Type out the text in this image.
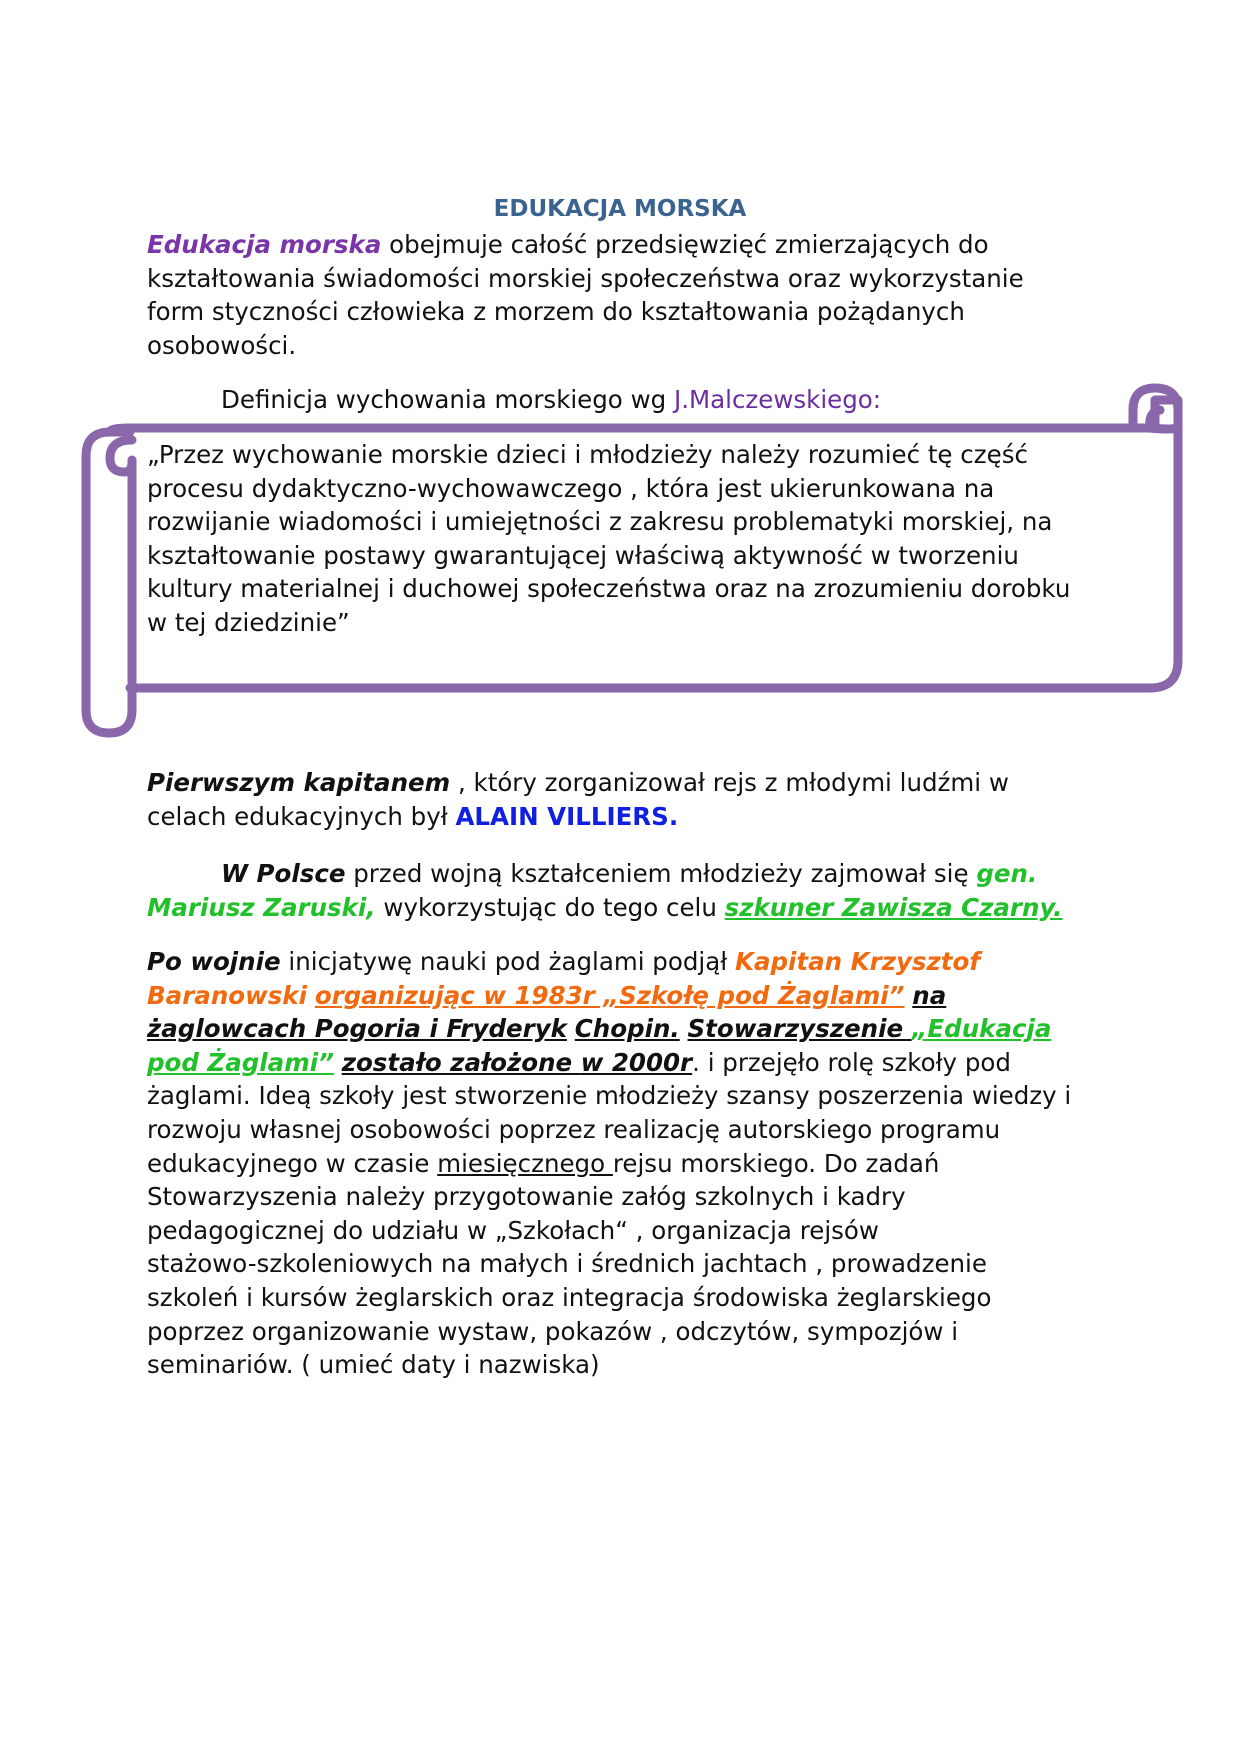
EDUKACJA MORSKA
Edukacja morska obejmuje całość przedsięwzięć zmierzających do
kształtowania świadomości morskiej społeczeństwa oraz wykorzystanie
form styczności człowieka z morzem do kształtowania pożądanych
osobowości.
Definicja wychowania morskiego wg J.Malczewskiego:
„Przez wychowanie morskie dzieci i młodzieży należy rozumieć tę część
procesu dydaktyczno-wychowawczego , która jest ukierunkowana na
rozwijanie wiadomości i umiejętności z zakresu problematyki morskiej, na
kształtowanie postawy gwarantującej właściwą aktywność w tworzeniu
kultury materialnej i duchowej społeczeństwa oraz na zrozumieniu dorobku
w tej dziedzinie”
Pierwszym kapitanem , który zorganizował rejs z młodymi ludźmi w
celach edukacyjnych był ALAIN VILLIERS.
W Polsce przed wojną kształceniem młodzieży zajmował się gen.
Mariusz Zaruski, wykorzystując do tego celu szkuner Zawisza Czarny.
Po wojnie inicjatywę nauki pod żaglami podjął Kapitan Krzysztof
Baranowski organizując w 1983r „Szkołę pod Żaglami” na
żaglowcach Pogoria i Fryderyk Chopin. Stowarzyszenie „Edukacja
pod Żaglami” zostało założone w 2000r. i przejęło rolę szkoły pod
żaglami. Ideą szkoły jest stworzenie młodzieży szansy poszerzenia wiedzy i
rozwoju własnej osobowości poprzez realizację autorskiego programu
edukacyjnego w czasie miesięcznego rejsu morskiego. Do zadań
Stowarzyszenia należy przygotowanie załóg szkolnych i kadry
pedagogicznej do udziału w „Szkołach“ , organizacja rejsów
stażowo-szkoleniowych na małych i średnich jachtach , prowadzenie
szkoleń i kursów żeglarskich oraz integracja środowiska żeglarskiego
poprzez organizowanie wystaw, pokazów , odczytów, sympozjów i
seminariów. ( umieć daty i nazwiska)
